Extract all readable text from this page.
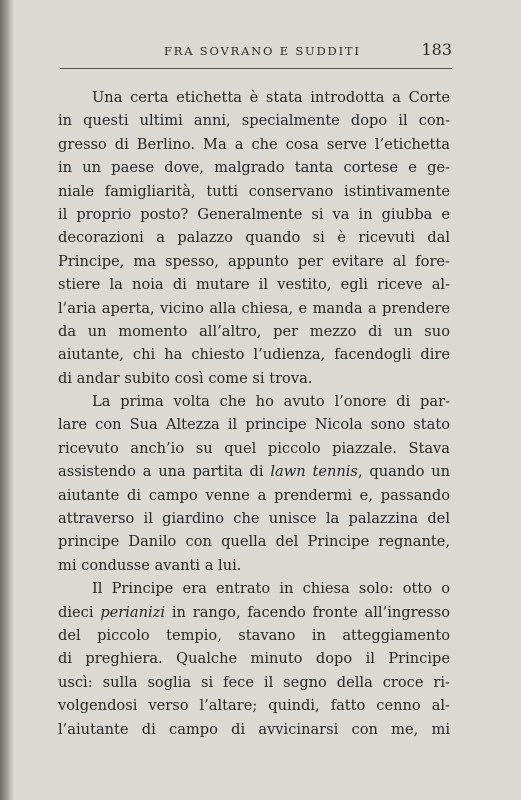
FRA SOVRANO E SUDDITI	183
Una certa etichetta è stata introdotta a Corte
in questi ultimi anni, specialmente dopo il con-
gresso di Berlino. Ma a che cosa serve l’etichetta
in un paese dove, malgrado tanta cortese e ge-
niale famigliarità, tutti conservano istintivamente
il proprio posto? Generalmente si va in giubba e
decorazioni a palazzo quando si è ricevuti dal
Principe, ma spesso, appunto per evitare al fore-
stiere la noia di mutare il vestito, egli riceve al-
l’aria aperta, vicino alla chiesa, e manda a prendere
da un momento all’altro, per mezzo di un suo
aiutante, chi ha chiesto l’udienza, facendogli dire
di andar subito così come si trova.
La prima volta che ho avuto l’onore di par-
lare con Sua Altezza il principe Nicola sono stato
ricevuto anch’io su quel piccolo piazzale. Stava
assistendo a una partita di lawn tennis, quando un
aiutante di campo venne a prendermi e, passando
attraverso il giardino che unisce la palazzina del
principe Danilo con quella del Principe regnante,
mi condusse avanti a lui.
Il Principe era entrato in chiesa solo: otto o
dieci perianizi in rango, facendo fronte all’ingresso
del piccolo tempio, stavano in atteggiamento
di preghiera. Qualche minuto dopo il Principe
uscì: sulla soglia si fece il segno della croce ri-
volgendosi verso l’altare; quindi, fatto cenno al-
l’aiutante di campo di avvicinarsi con me, mi
